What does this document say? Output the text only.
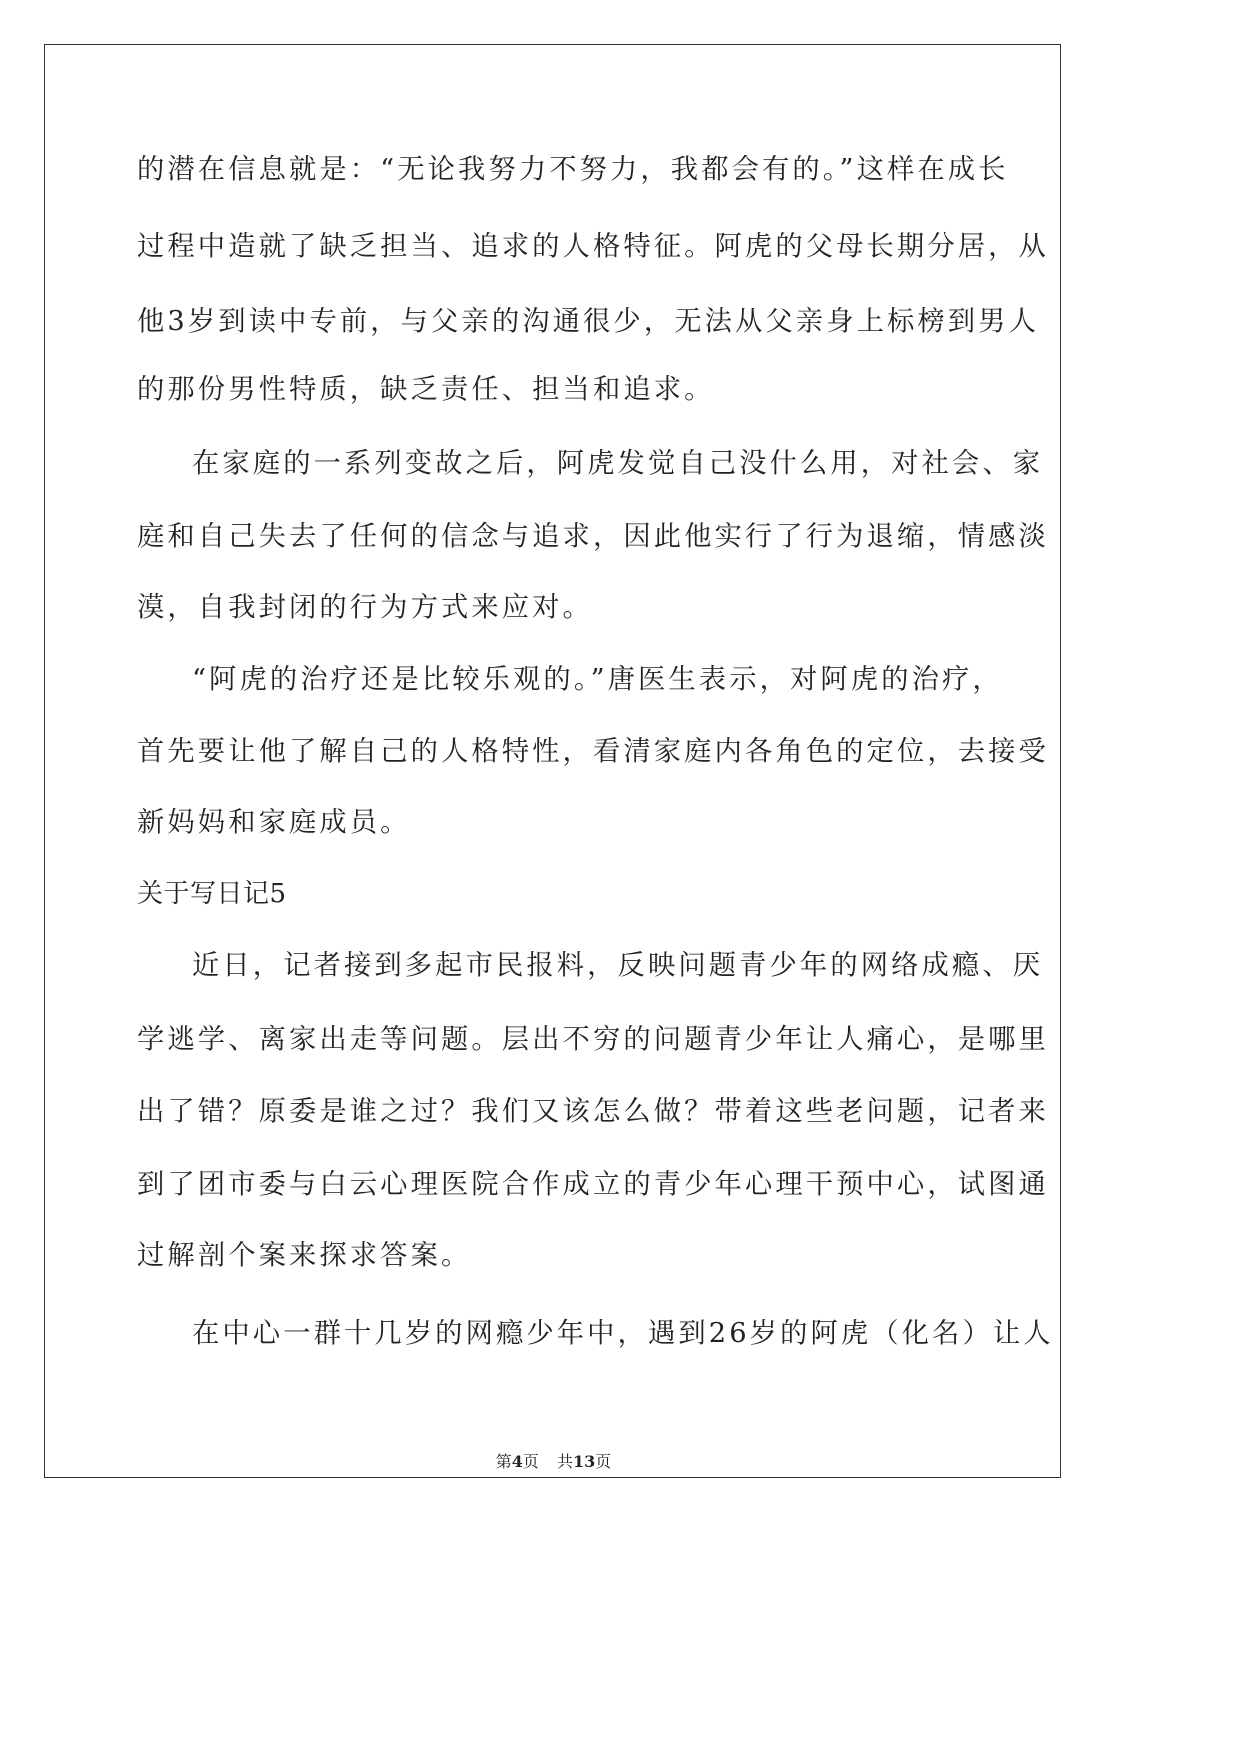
的潜在信息就是：“无论我努力不努力，我都会有的。”这样在成长
过程中造就了缺乏担当、追求的人格特征。阿虎的父母长期分居，从
他3岁到读中专前，与父亲的沟通很少，无法从父亲身上标榜到男人
的那份男性特质，缺乏责任、担当和追求。
在家庭的一系列变故之后，阿虎发觉自己没什么用，对社会、家
庭和自己失去了任何的信念与追求，因此他实行了行为退缩，情感淡
漠，自我封闭的行为方式来应对。
“阿虎的治疗还是比较乐观的。”唐医生表示，对阿虎的治疗，
首先要让他了解自己的人格特性，看清家庭内各角色的定位，去接受
新妈妈和家庭成员。
关于写日记5
近日，记者接到多起市民报料，反映问题青少年的网络成瘾、厌
学逃学、离家出走等问题。层出不穷的问题青少年让人痛心，是哪里
出了错？原委是谁之过？我们又该怎么做？带着这些老问题，记者来
到了团市委与白云心理医院合作成立的青少年心理干预中心，试图通
过解剖个案来探求答案。
在中心一群十几岁的网瘾少年中，遇到26岁的阿虎（化名）让人
第4页 共13页
